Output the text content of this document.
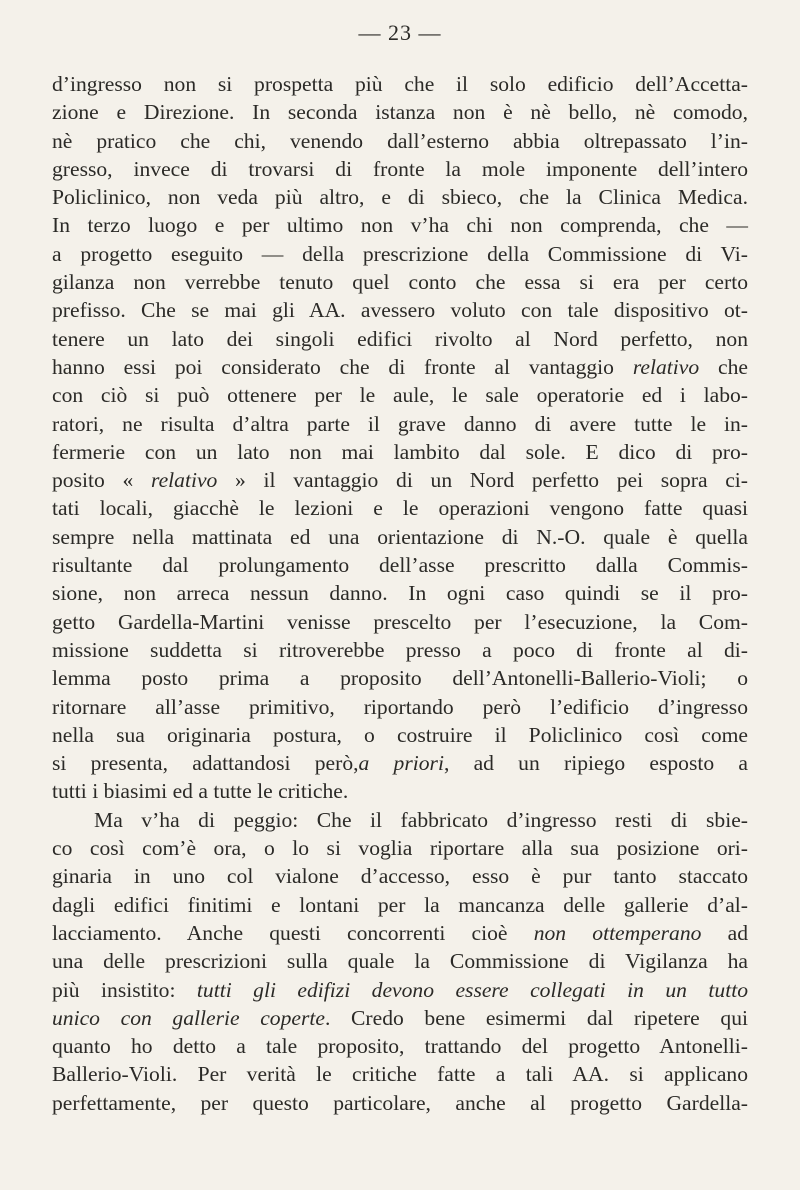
— 23 —
d’ingresso non si prospetta più che il solo edificio dell’Accetta-
zione e Direzione. In seconda istanza non è nè bello, nè comodo,
nè pratico che chi, venendo dall’esterno abbia oltrepassato l’in-
gresso, invece di trovarsi di fronte la mole imponente dell’intero
Policlinico, non veda più altro, e di sbieco, che la Clinica Medica.
In terzo luogo e per ultimo non v’ha chi non comprenda, che —
a progetto eseguito — della prescrizione della Commissione di Vi-
gilanza non verrebbe tenuto quel conto che essa si era per certo
prefisso. Che se mai gli AA. avessero voluto con tale dispositivo ot-
tenere un lato dei singoli edifici rivolto al Nord perfetto, non
hanno essi poi considerato che di fronte al vantaggio relativo che
con ciò si può ottenere per le aule, le sale operatorie ed i labo-
ratori, ne risulta d’altra parte il grave danno di avere tutte le in-
fermerie con un lato non mai lambito dal sole. E dico di pro-
posito « relativo » il vantaggio di un Nord perfetto pei sopra ci-
tati locali, giacchè le lezioni e le operazioni vengono fatte quasi
sempre nella mattinata ed una orientazione di N.-O. quale è quella
risultante dal prolungamento dell’asse prescritto dalla Commis-
sione, non arreca nessun danno. In ogni caso quindi se il pro-
getto Gardella-Martini venisse prescelto per l’esecuzione, la Com-
missione suddetta si ritroverebbe presso a poco di fronte al di-
lemma posto prima a proposito dell’Antonelli-Ballerio-Violi; o
ritornare all’asse primitivo, riportando però l’edificio d’ingresso
nella sua originaria postura, o costruire il Policlinico così come
si presenta, adattandosi però,a priori, ad un ripiego esposto a
tutti i biasimi ed a tutte le critiche.
Ma v’ha di peggio: Che il fabbricato d’ingresso resti di sbie-
co così com’è ora, o lo si voglia riportare alla sua posizione ori-
ginaria in uno col vialone d’accesso, esso è pur tanto staccato
dagli edifici finitimi e lontani per la mancanza delle gallerie d’al-
lacciamento. Anche questi concorrenti cioè non ottemperano ad
una delle prescrizioni sulla quale la Commissione di Vigilanza ha
più insistito: tutti gli edifizi devono essere collegati in un tutto
unico con gallerie coperte. Credo bene esimermi dal ripetere qui
quanto ho detto a tale proposito, trattando del progetto Antonelli-
Ballerio-Violi. Per verità le critiche fatte a tali AA. si applicano
perfettamente, per questo particolare, anche al progetto Gardella-
